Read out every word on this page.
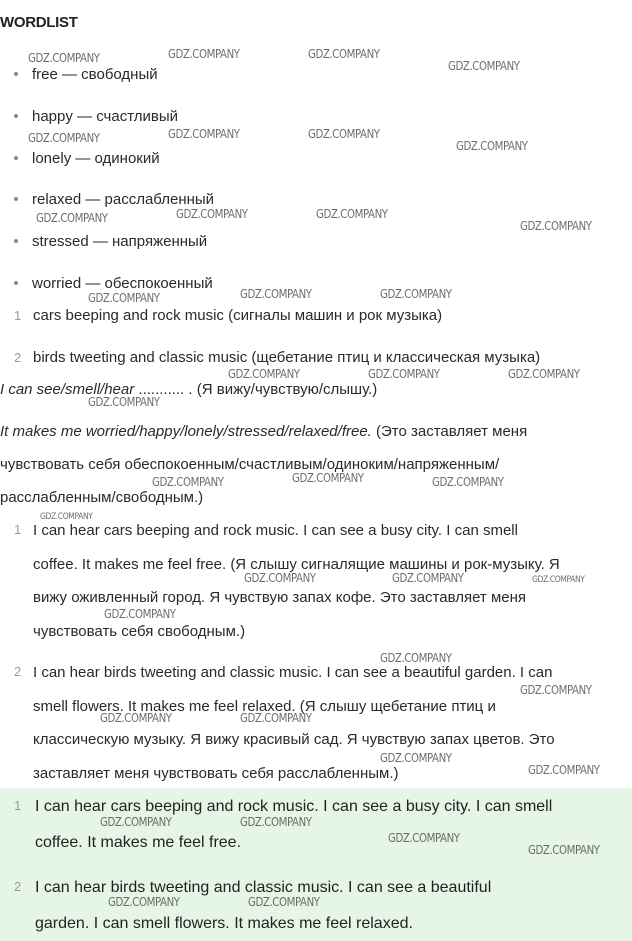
WORDLIST
free — свободный
happy — счастливый
lonely — одинокий
relaxed — расслабленный
stressed — напряженный
worried — обеспокоенный
1 cars beeping and rock music (сигналы машин и рок музыка)
2 birds tweeting and classic music (щебетание птиц и классическая музыка)
I can see/smell/hear ........... . (Я вижу/чувствую/слышу.)
It makes me worried/happy/lonely/stressed/relaxed/free. (Это заставляет меня
чувствовать себя обеспокоенным/счастливым/одиноким/напряженным/
расслабленным/свободным.)
1 I can hear cars beeping and rock music. I can see a busy city. I can smell
coffee. It makes me feel free. (Я слышу сигналящие машины и рок-музыку. Я
вижу оживленный город. Я чувствую запах кофе. Это заставляет меня
чувствовать себя свободным.)
2 I can hear birds tweeting and classic music. I can see a beautiful garden. I can
smell flowers. It makes me feel relaxed. (Я слышу щебетание птиц и
классическую музыку. Я вижу красивый сад. Я чувствую запах цветов. Это
заставляет меня чувствовать себя расслабленным.)
1 I can hear cars beeping and rock music. I can see a busy city. I can smell
coffee. It makes me feel free.
2 I can hear birds tweeting and classic music. I can see a beautiful
garden. I can smell flowers. It makes me feel relaxed.
GDZ.COMPANY	GDZ.COMPANY	GDZ.COMPANY
GDZ.COMPANY
GDZ.COMPANY	GDZ.COMPANY	GDZ.COMPANY
GDZ.COMPANY
GDZ.COMPANY	GDZ.COMPANY	GDZ.COMPANY
GDZ.COMPANY
GDZ.COMPANY	GDZ.COMPANY	GDZ.COMPANY
GDZ.COMPANY	GDZ.COMPANY	GDZ.COMPANY
GDZ.COMPANY
GDZ.COMPANY
GDZ.COMPANY	GDZ.COMPANY
GDZ.COMPANY
GDZ.COMPANY	GDZ.COMPANY	GDZ.COMPANY
GDZ.COMPANY
GDZ.COMPANY
GDZ.COMPANY
GDZ.COMPANY	GDZ.COMPANY
GDZ.COMPANY
GDZ.COMPANY
GDZ.COMPANY	GDZ.COMPANY
GDZ.COMPANY
GDZ.COMPANY
GDZ.COMPANY	GDZ.COMPANY
